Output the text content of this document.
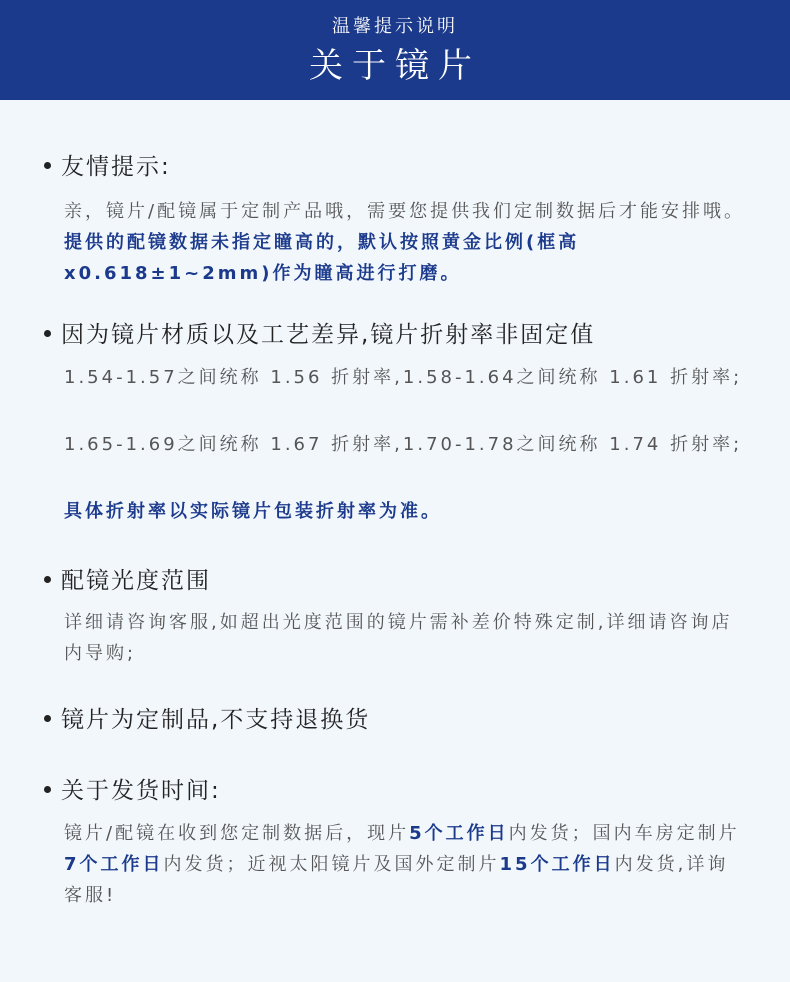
温馨提示说明
关于镜片
友情提示:
亲，镜片/配镜属于定制产品哦，需要您提供我们定制数据后才能安排哦。提供的配镜数据未指定瞳高的，默认按照黄金比例(框高x0.618±1~2mm)作为瞳高进行打磨。
因为镜片材质以及工艺差异,镜片折射率非固定值
1.54-1.57之间统称 1.56 折射率,1.58-1.64之间统称 1.61 折射率;
1.65-1.69之间统称 1.67 折射率,1.70-1.78之间统称 1.74 折射率;
具体折射率以实际镜片包装折射率为准。
配镜光度范围
详细请咨询客服,如超出光度范围的镜片需补差价特殊定制,详细请咨询店内导购;
镜片为定制品,不支持退换货
关于发货时间:
镜片/配镜在收到您定制数据后，现片5个工作日内发货；国内车房定制片7个工作日内发货；近视太阳镜片及国外定制片15个工作日内发货,详询客服!
